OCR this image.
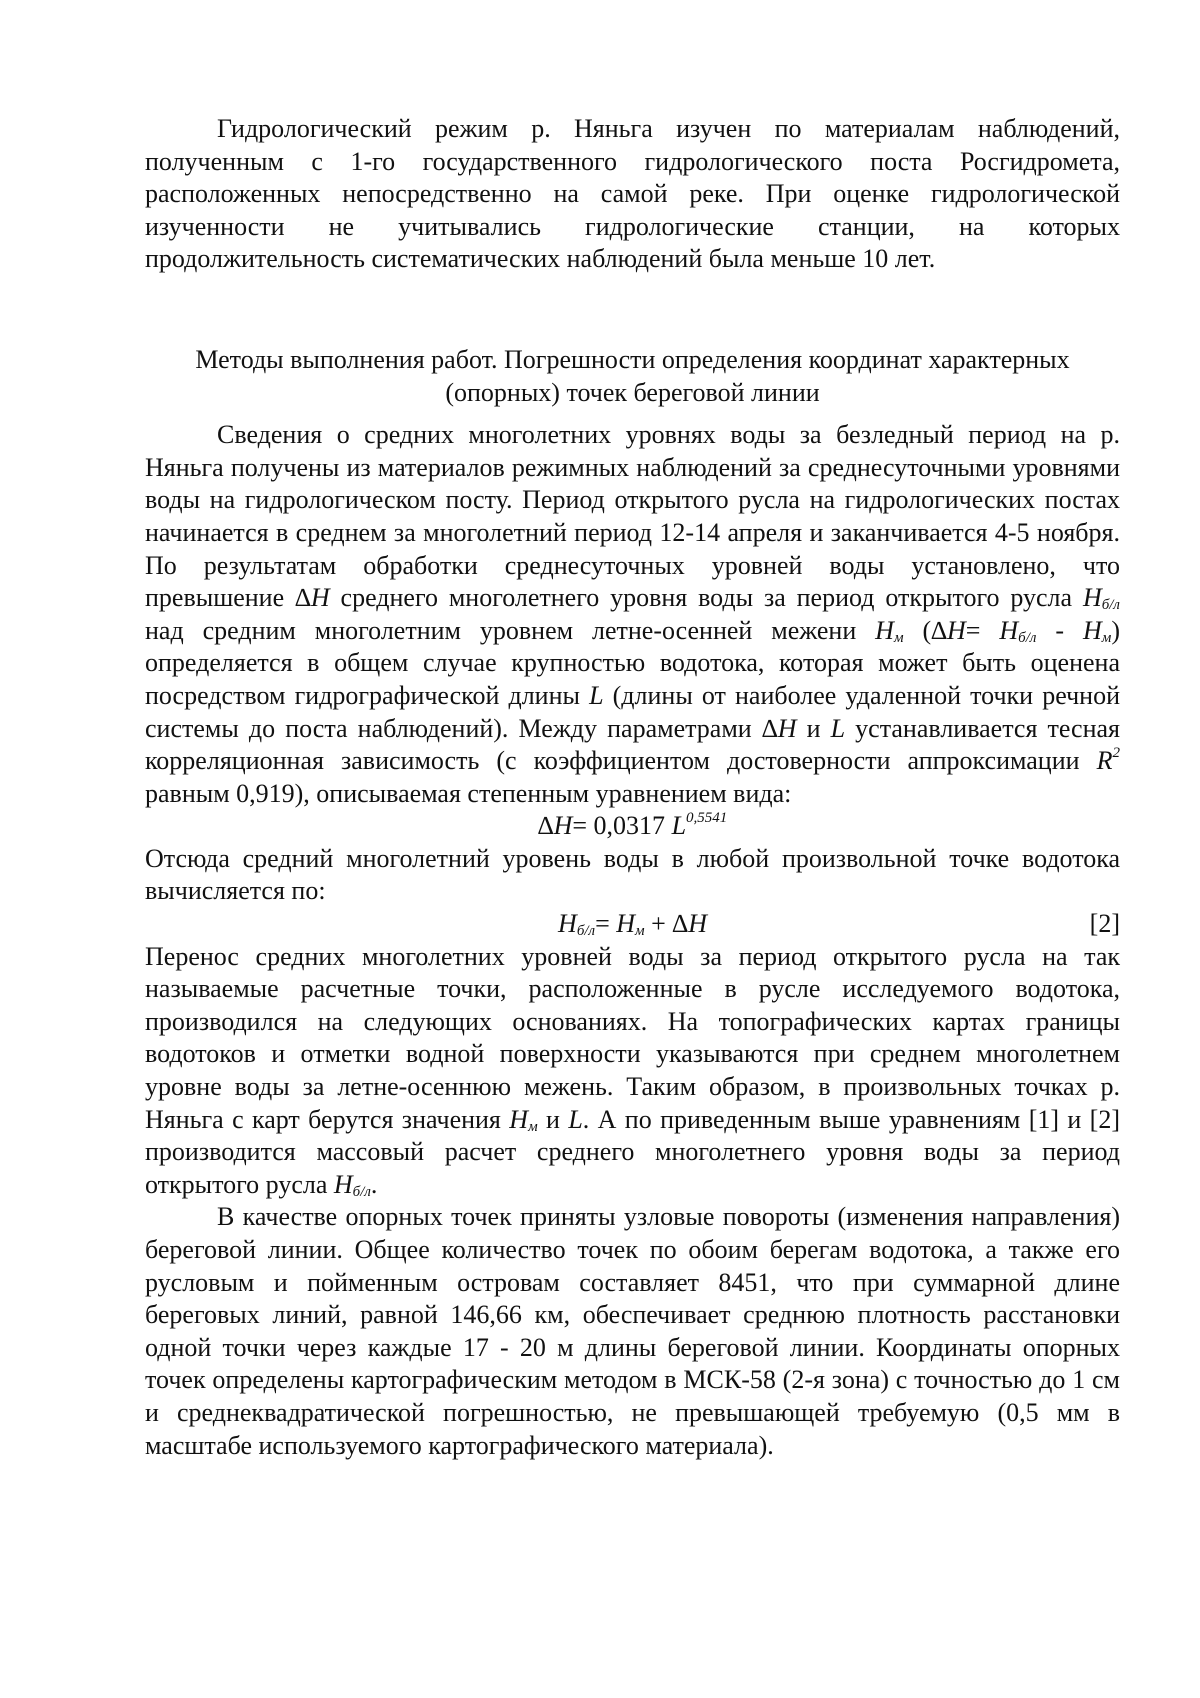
Гидрологический режим р. Няньга изучен по материалам наблюдений, полученным с 1-го государственного гидрологического поста Росгидромета, расположенных непосредственно на самой реке. При оценке гидрологической изученности не учитывались гидрологические станции, на которых продолжительность систематических наблюдений была меньше 10 лет.

Методы выполнения работ. Погрешности определения координат характерных
(опорных) точек береговой линии

Сведения о средних многолетних уровнях воды за безледный период на р. Няньга получены из материалов режимных наблюдений за среднесуточными уровнями воды на гидрологическом посту. Период открытого русла на гидрологических постах начинается в среднем за многолетний период 12-14 апреля и заканчивается 4-5 ноября. По результатам обработки среднесуточных уровней воды установлено, что превышение ∆H среднего многолетнего уровня воды за период открытого русла $H_{б/л}$ над средним многолетним уровнем летне-осенней межени $H_м$ $(\Delta H= H_{б/л} - H_м)$ определяется в общем случае крупностью водотока, которая может быть оценена посредством гидрографической длины L (длины от наиболее удаленной точки речной системы до поста наблюдений). Между параметрами ∆H и L устанавливается тесная корреляционная зависимость (с коэффициентом достоверности аппроксимации $R^2$ равным 0,919), описываемая степенным уравнением вида:

∆H= 0,0317 $L^{0,5541}$

Отсюда средний многолетний уровень воды в любой произвольной точке водотока вычисляется по:

$H_{б/л}= H_м + \Delta H$	[2]

Перенос средних многолетних уровней воды за период открытого русла на так называемые расчетные точки, расположенные в русле исследуемого водотока, производился на следующих основаниях. На топографических картах границы водотоков и отметки водной поверхности указываются при среднем многолетнем уровне воды за летне-осеннюю межень. Таким образом, в произвольных точках р. Няньга с карт берутся значения $H_м$ и L. А по приведенным выше уравнениям [1] и [2] производится массовый расчет среднего многолетнего уровня воды за период открытого русла $H_{б/л}$.

В качестве опорных точек приняты узловые повороты (изменения направления) береговой линии. Общее количество точек по обоим берегам водотока, а также его русловым и пойменным островам составляет 8451, что при суммарной длине береговых линий, равной 146,66 км, обеспечивает среднюю плотность расстановки одной точки через каждые 17 - 20 м длины береговой линии. Координаты опорных точек определены картографическим методом в МСК-58 (2-я зона) с точностью до 1 см и среднеквадратической погрешностью, не превышающей требуемую (0,5 мм в масштабе используемого картографического материала).
